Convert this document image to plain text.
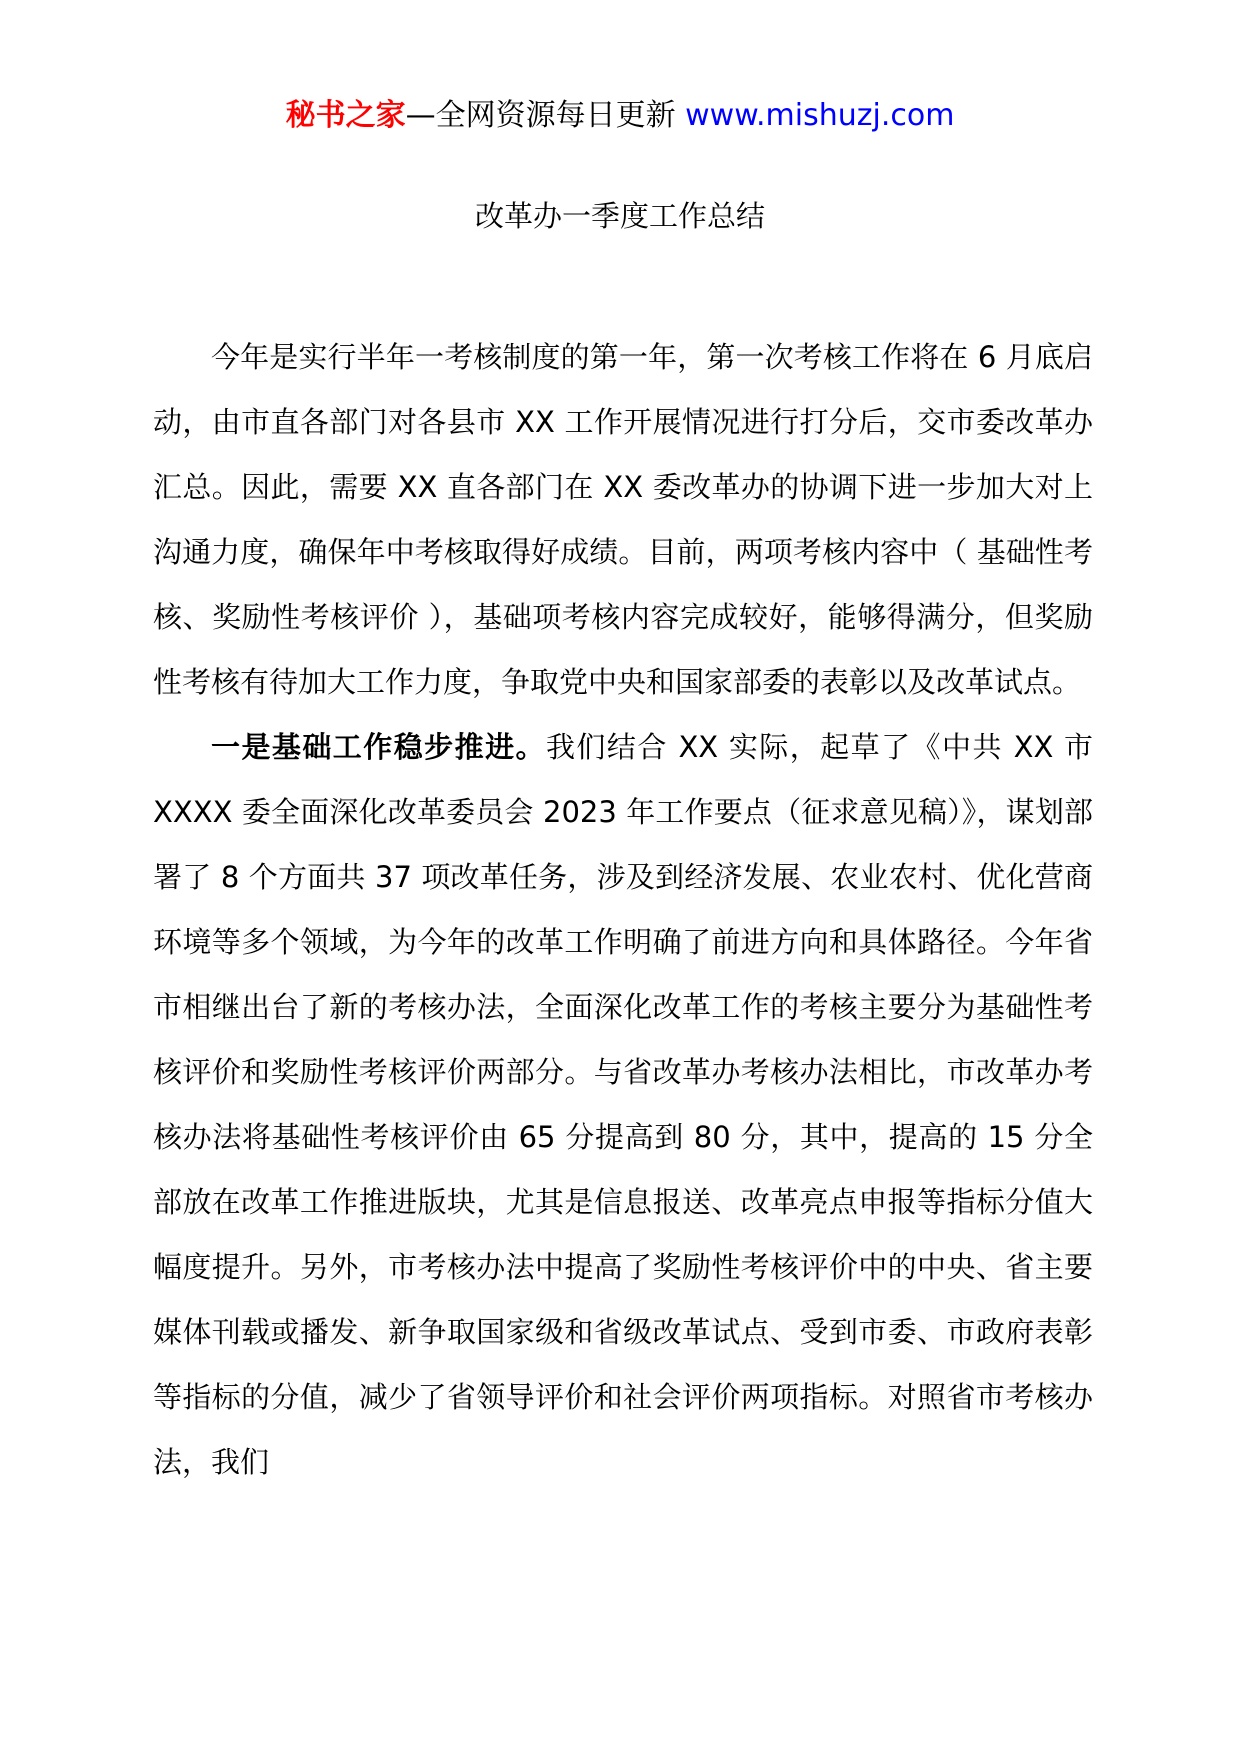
秘书之家—全网资源每日更新 www.mishuzj.com
改革办一季度工作总结

今年是实行半年一考核制度的第一年，第一次考核工作将在 6 月底启动，由市直各部门对各县市 XX 工作开展情况进行打分后，交市委改革办汇总。因此，需要 XX 直各部门在 XX 委改革办的协调下进一步加大对上沟通力度，确保年中考核取得好成绩。目前，两项考核内容中（ 基础性考核、奖励性考核评价 ），基础项考核内容完成较好，能够得满分，但奖励性考核有待加大工作力度，争取党中央和国家部委的表彰以及改革试点。

一是基础工作稳步推进。我们结合 XX 实际，起草了《中共 XX 市 XXXX 委全面深化改革委员会 2023 年工作要点（征求意见稿）》，谋划部署了 8 个方面共 37 项改革任务，涉及到经济发展、农业农村、优化营商环境等多个领域，为今年的改革工作明确了前进方向和具体路径。今年省市相继出台了新的考核办法，全面深化改革工作的考核主要分为基础性考核评价和奖励性考核评价两部分。与省改革办考核办法相比，市改革办考核办法将基础性考核评价由 65 分提高到 80 分，其中，提高的 15 分全部放在改革工作推进版块，尤其是信息报送、改革亮点申报等指标分值大幅度提升。另外，市考核办法中提高了奖励性考核评价中的中央、省主要媒体刊载或播发、新争取国家级和省级改革试点、受到市委、市政府表彰等指标的分值，减少了省领导评价和社会评价两项指标。对照省市考核办法，我们
